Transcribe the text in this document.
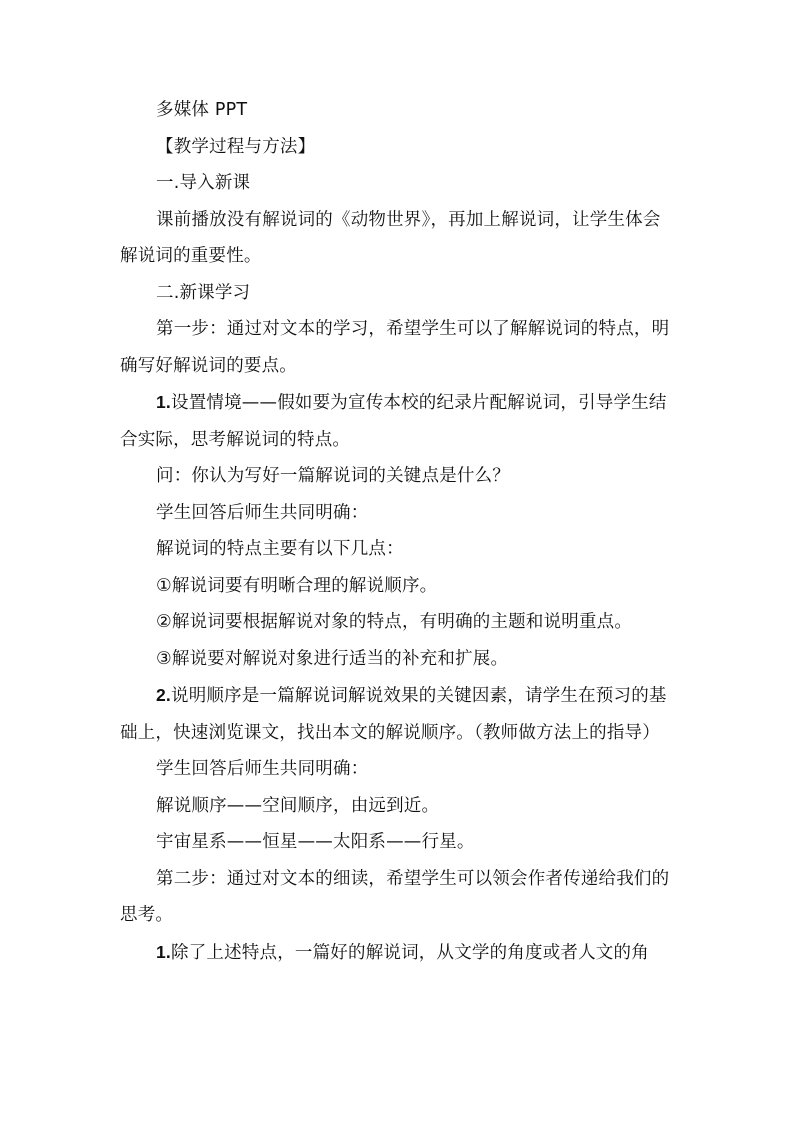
多媒体 PPT

【教学过程与方法】

一.导入新课

课前播放没有解说词的《动物世界》，再加上解说词，让学生体会解说词的重要性。

二.新课学习

第一步：通过对文本的学习，希望学生可以了解解说词的特点，明确写好解说词的要点。

1.设置情境——假如要为宣传本校的纪录片配解说词，引导学生结合实际，思考解说词的特点。

问：你认为写好一篇解说词的关键点是什么？

学生回答后师生共同明确：

解说词的特点主要有以下几点：

①解说词要有明晰合理的解说顺序。

②解说词要根据解说对象的特点，有明确的主题和说明重点。

③解说要对解说对象进行适当的补充和扩展。

2.说明顺序是一篇解说词解说效果的关键因素，请学生在预习的基础上，快速浏览课文，找出本文的解说顺序。（教师做方法上的指导）

学生回答后师生共同明确：

解说顺序——空间顺序，由远到近。

宇宙星系——恒星——太阳系——行星。

第二步：通过对文本的细读，希望学生可以领会作者传递给我们的思考。

1.除了上述特点，一篇好的解说词，从文学的角度或者人文的角
